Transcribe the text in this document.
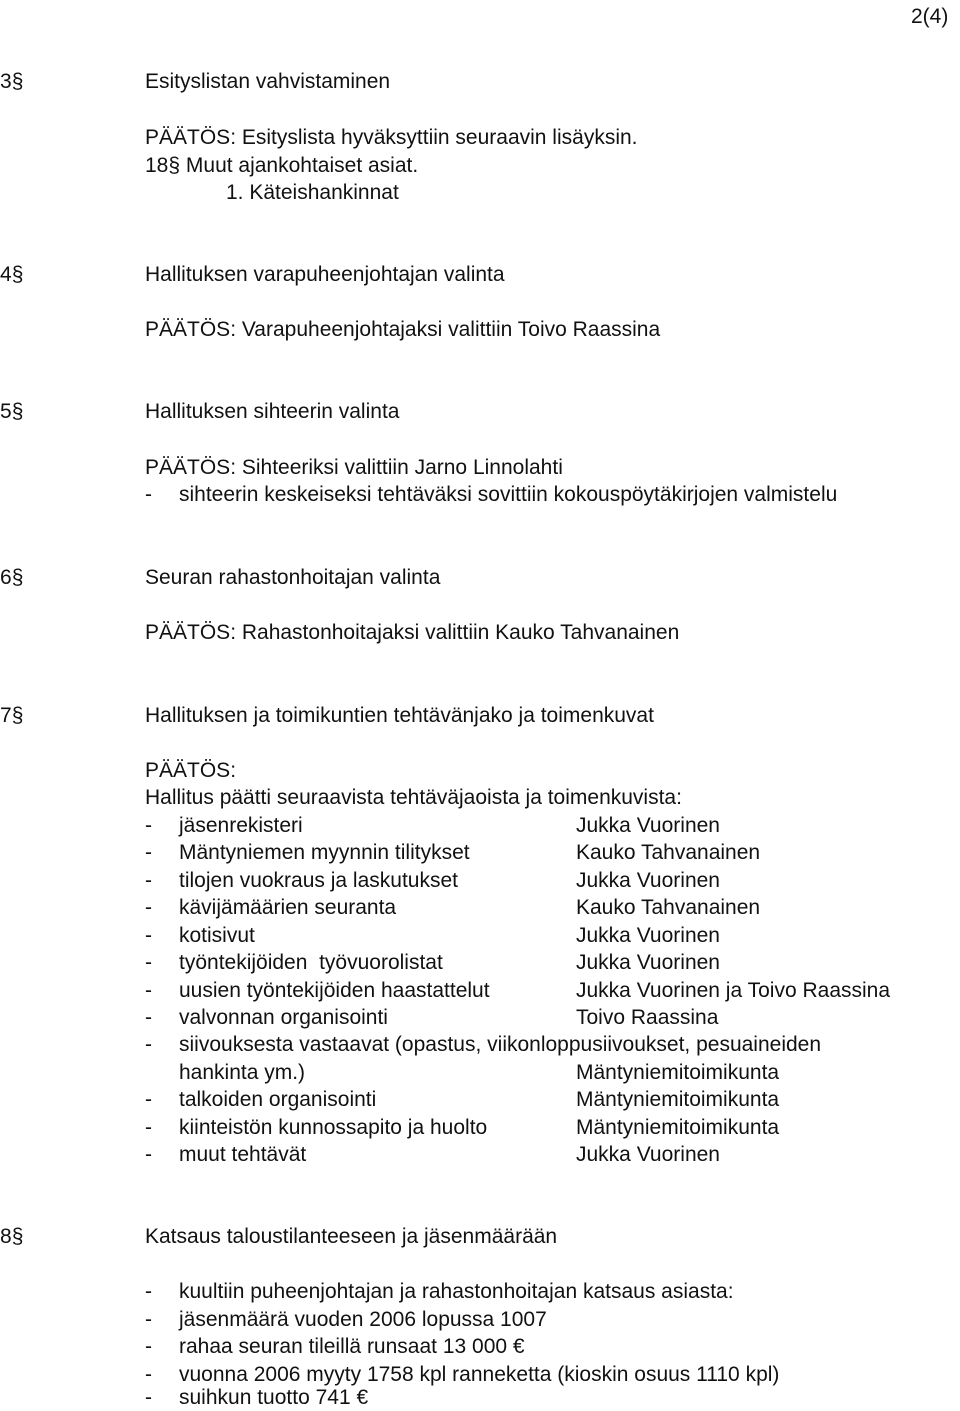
2(4)
3§	Esityslistan vahvistaminen
PÄÄTÖS: Esityslista hyväksyttiin seuraavin lisäyksin.
18§ Muut ajankohtaiset asiat.
1. Käteishankinnat
4§	Hallituksen varapuheenjohtajan valinta
PÄÄTÖS: Varapuheenjohtajaksi valittiin Toivo Raassina
5§	Hallituksen sihteerin valinta
PÄÄTÖS: Sihteeriksi valittiin Jarno Linnolahti
- sihteerin keskeiseksi tehtäväksi sovittiin kokouspöytäkirjojen valmistelu
6§	Seuran rahastonhoitajan valinta
PÄÄTÖS: Rahastonhoitajaksi valittiin Kauko Tahvanainen
7§	Hallituksen ja toimikuntien tehtävänjako ja toimenkuvat
PÄÄTÖS:
Hallitus päätti seuraavista tehtäväjaoista ja toimenkuvista:
- jäsenrekisteri	Jukka Vuorinen
- Mäntyniemen myynnin tilitykset	Kauko Tahvanainen
- tilojen vuokraus ja laskutukset	Jukka Vuorinen
- kävijämäärien seuranta	Kauko Tahvanainen
- kotisivut	Jukka Vuorinen
- työntekijöiden  työvuorolistat	Jukka Vuorinen
- uusien työntekijöiden haastattelut	Jukka Vuorinen ja Toivo Raassina
- valvonnan organisointi	Toivo Raassina
- siivouksesta vastaavat (opastus, viikonloppusiivoukset, pesuaineiden
hankinta ym.)	Mäntyniemitoimikunta
- talkoiden organisointi	Mäntyniemitoimikunta
- kiinteistön kunnossapito ja huolto	Mäntyniemitoimikunta
- muut tehtävät	Jukka Vuorinen
8§	Katsaus taloustilanteeseen ja jäsenmäärään
- kuultiin puheenjohtajan ja rahastonhoitajan katsaus asiasta:
- jäsenmäärä vuoden 2006 lopussa 1007
- rahaa seuran tileillä runsaat 13 000 €
- vuonna 2006 myyty 1758 kpl ranneketta (kioskin osuus 1110 kpl)
- suihkun tuotto 741 €
